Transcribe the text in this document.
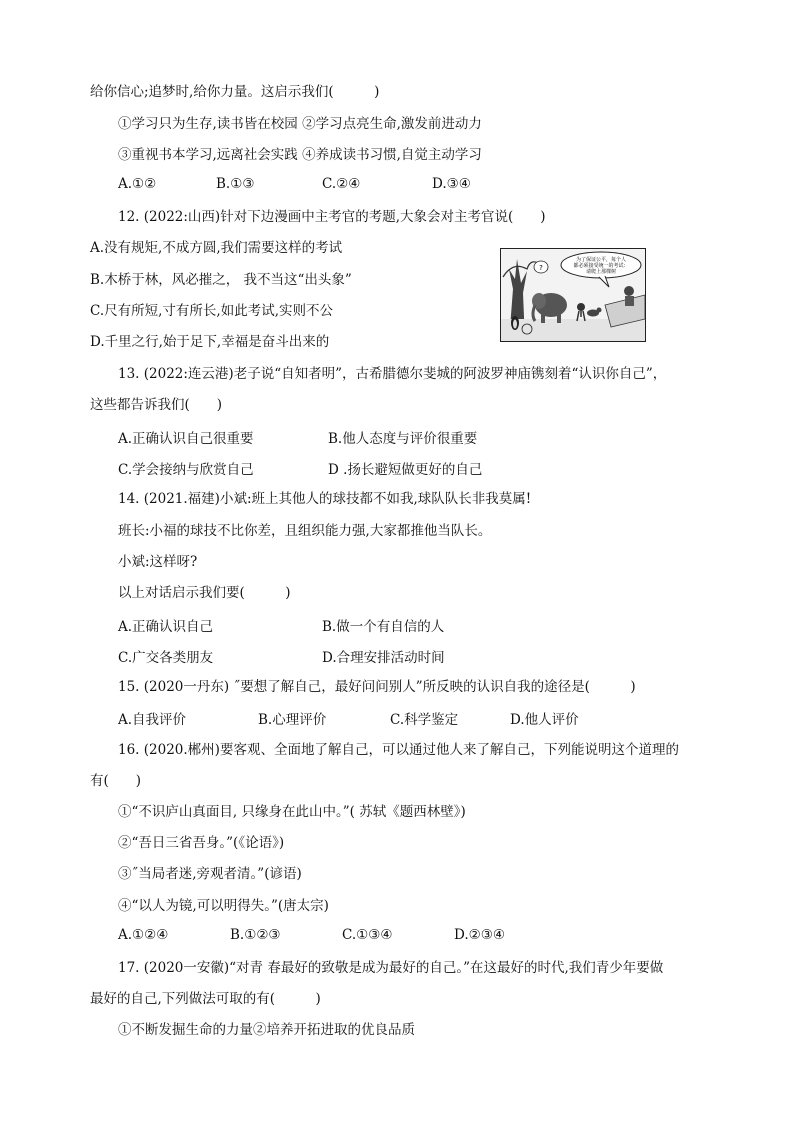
给你信心;追梦时,给你力量。这启示我们(　　　)
①学习只为生存,读书皆在校园 ②学习点亮生命,激发前进动力
③重视书本学习,远离社会实践 ④养成读书习惯,自觉主动学习
A.①②	B.①③	C.②④	D.③④
12. (2022:山西)针对下边漫画中主考官的考题,大象会对主考官说(　　)
A.没有规矩,不成方圆,我们需要这样的考试
B.木桥于林，风必摧之， 我不当这“出头象”
C.尺有所短,寸有所长,如此考试,实则不公
D.千里之行,始于足下,幸福是奋斗出来的
为了保证公平，每个人
都必须接受统一的考试：
请爬上那棵树
?
13. (2022:连云港)老子说“自知者明”，古希腊德尔斐城的阿波罗神庙镌刻着“认识你自己”，
这些都告诉我们(　　)
A.正确认识自己很重要	B.他人态度与评价很重要
C.学会接纳与欣赏自己	D .扬长避短做更好的自己
14. (2021.福建)小斌:班上其他人的球技都不如我,球队队长非我莫属!
班长:小福的球技不比你差，且组织能力强,大家都推他当队长。
小斌:这样呀?
以上对话启示我们要(　　　)
A.正确认识自己	B.做一个有自信的人
C.广交各类朋友	D.合理安排活动时间
15. (2020一丹东) ˝要想了解自己，最好问问别人”所反映的认识自我的途径是(　　　)
A.自我评价	B.心理评价	C.科学鉴定	D.他人评价
16. (2020.郴州)要客观、全面地了解自己，可以通过他人来了解自己，下列能说明这个道理的
有(　　)
①“不识庐山真面目, 只缘身在此山中。”( 苏轼《题西林壁》)
②“吾日三省吾身。”(《论语》)
③˝当局者迷,旁观者清。”(谚语)
④“以人为镜,可以明得失。”(唐太宗)
A.①②④	B.①②③	C.①③④	D.②③④
17. (2020一安徽)“对青 春最好的致敬是成为最好的自己。”在这最好的时代,我们青少年要做
最好的自己,下列做法可取的有(　　　)
①不断发掘生命的力量②培养开拓进取的优良品质
